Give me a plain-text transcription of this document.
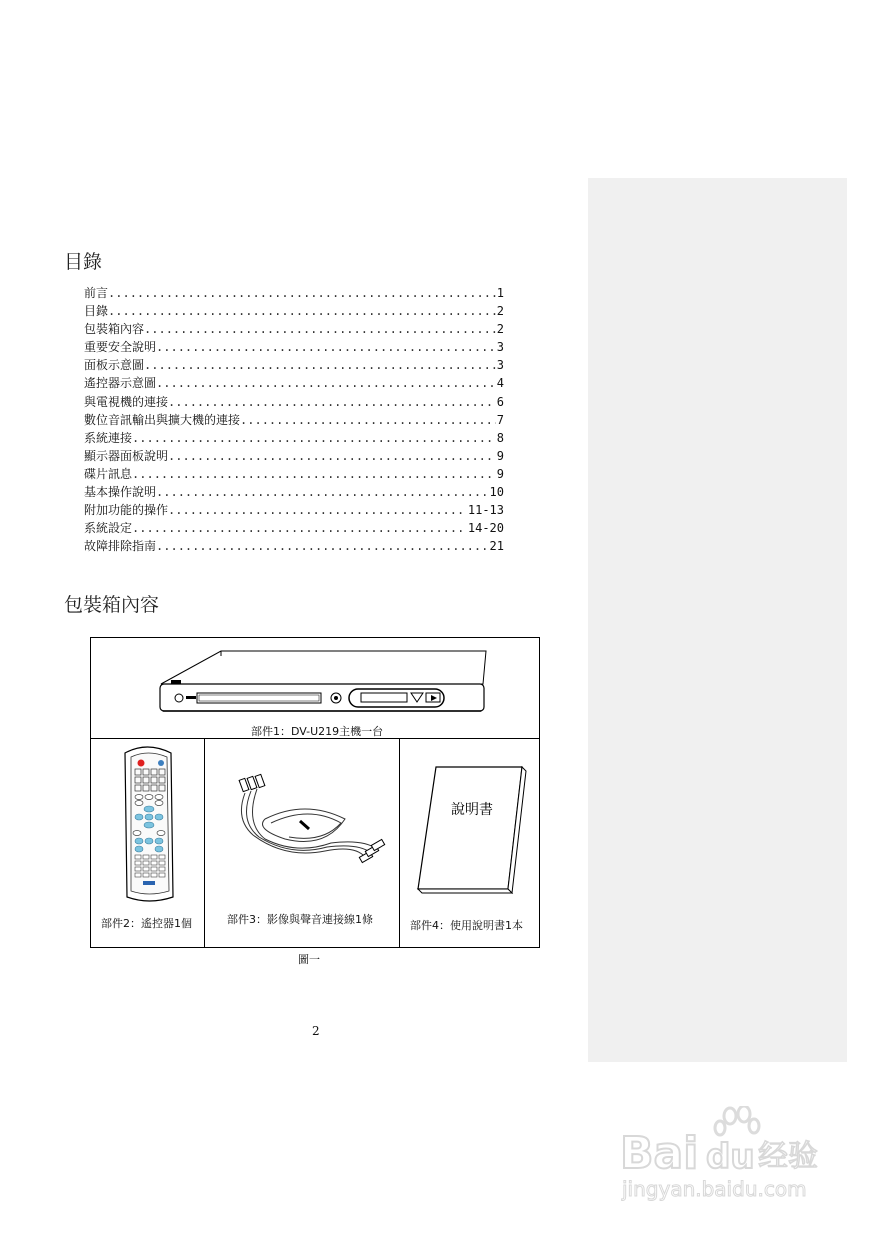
目錄
前言 .....	1
目錄 .....	2
包裝箱內容 .....	2
重要安全說明 .....	3
面板示意圖 .....	3
遙控器示意圖 .....	4
與電視機的連接 .....	6
數位音訊輸出與擴大機的連接 .....	7
系統連接 .....	8
顯示器面板說明 .....	9
碟片訊息 .....	9
基本操作說明 .....	10
附加功能的操作 .....	11-13
系統設定 .....	14-20
故障排除指南 .....	21
包裝箱內容
部件1：DV-U219主機一台
部件2：遙控器1個	部件3：影像與聲音連接線1條
說明書
部件4：使用說明書1本
圖一
2
Bai du 经验
jingyan.baidu.com
